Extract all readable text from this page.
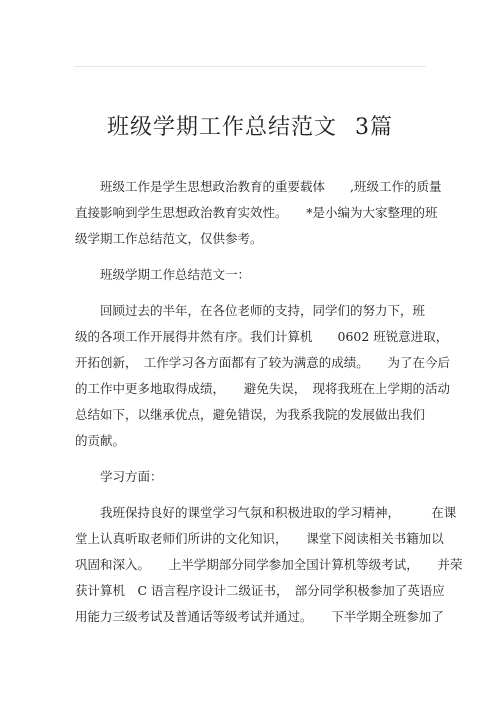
班级学期工作总结范文 3篇
班级工作是学生思想政治教育的重要载体　　,班级工作的质量
直接影响到学生思想政治教育实效性。　　*是小编为大家整理的班
级学期工作总结范文，仅供参考。
班级学期工作总结范文一：
回顾过去的半年，在各位老师的支持，同学们的努力下，班
级的各项工作开展得井然有序。我们计算机　　0602 班锐意进取，
开拓创新，　工作学习各方面都有了较为满意的成绩。　　为了在今后
的工作中更多地取得成绩，　　避免失误，　现将我班在上学期的活动
总结如下，以继承优点，避免错误，为我系我院的发展做出我们
的贡献。
学习方面：
我班保持良好的课堂学习气氛和积极进取的学习精神，　　　在课
堂上认真听取老师们所讲的文化知识，　　课堂下阅读相关书籍加以
巩固和深入。　　上半学期部分同学参加全国计算机等级考试，　　并荣
获计算机　C 语言程序设计二级证书，　部分同学积极参加了英语应
用能力三级考试及普通话等级考试并通过。　　下半学期全班参加了
